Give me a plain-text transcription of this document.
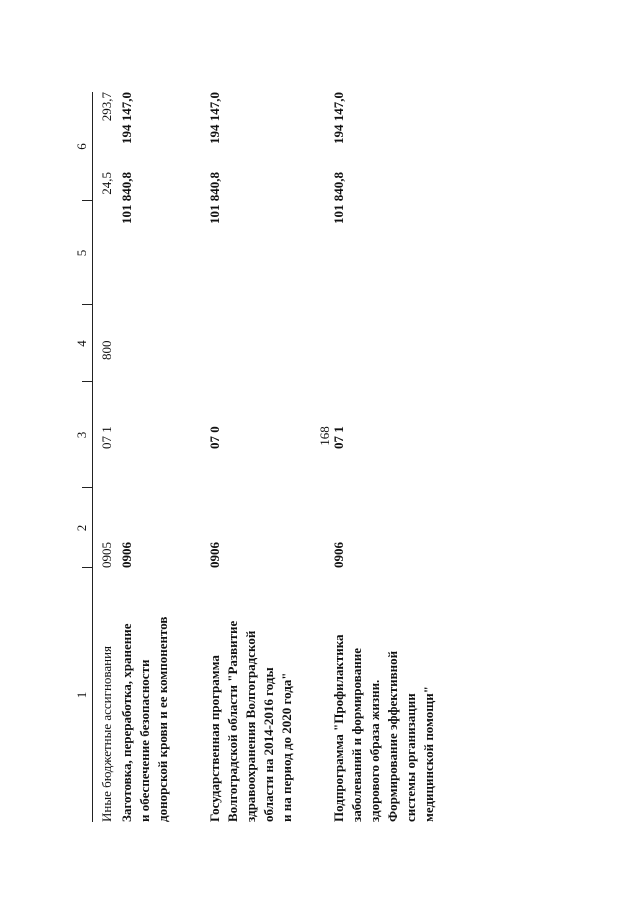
168
1
2
3
4
5
6
Иные бюджетные ассигнования
0905
07 1
800
24,5
293,7
Заготовка, переработка, хранение и обеспечение безопасности донорской крови и ее компонентов
0906
101 840,8
194 147,0
Государственная программа Волгоградской области "Развитие здравоохранения Волгоградской области на 2014-2016 годы и на период до 2020 года"
0906
07 0
101 840,8
194 147,0
Подпрограмма "Профилактика заболеваний и формирование здорового образа жизни. Формирование эффективной системы организации медицинской помощи"
0906
07 1
101 840,8
194 147,0
